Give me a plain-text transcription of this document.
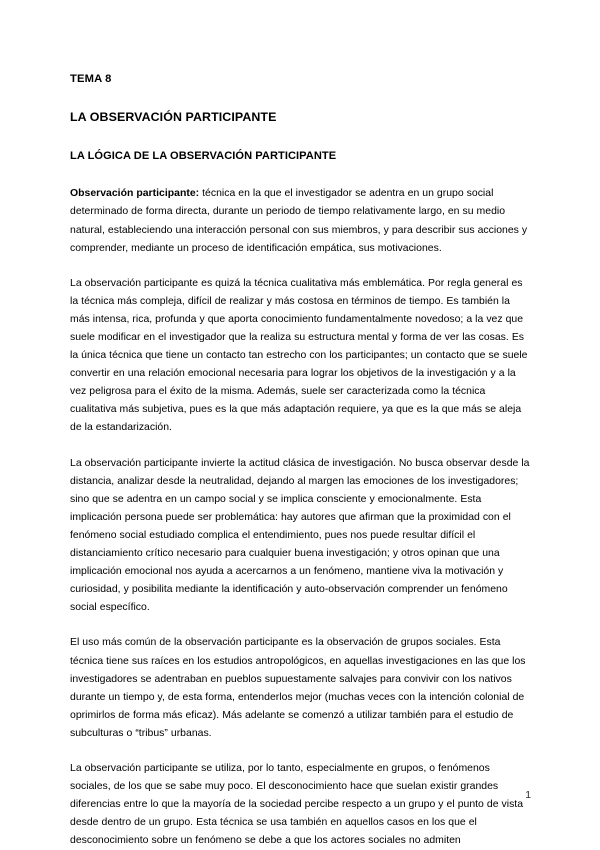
TEMA 8
LA OBSERVACIÓN PARTICIPANTE
LA LÓGICA DE LA OBSERVACIÓN PARTICIPANTE

Observación participante: técnica en la que el investigador se adentra en un grupo social determinado de forma directa, durante un periodo de tiempo relativamente largo, en su medio natural, estableciendo una interacción personal con sus miembros, y para describir sus acciones y comprender, mediante un proceso de identificación empática, sus motivaciones.

La observación participante es quizá la técnica cualitativa más emblemática. Por regla general es la técnica más compleja, difícil de realizar y más costosa en términos de tiempo. Es también la más intensa, rica, profunda y que aporta conocimiento fundamentalmente novedoso; a la vez que suele modificar en el investigador que la realiza su estructura mental y forma de ver las cosas. Es la única técnica que tiene un contacto tan estrecho con los participantes; un contacto que se suele convertir en una relación emocional necesaria para lograr los objetivos de la investigación y a la vez peligrosa para el éxito de la misma. Además, suele ser caracterizada como la técnica cualitativa más subjetiva, pues es la que más adaptación requiere, ya que es la que más se aleja de la estandarización.

La observación participante invierte la actitud clásica de investigación. No busca observar desde la distancia, analizar desde la neutralidad, dejando al margen las emociones de los investigadores; sino que se adentra en un campo social y se implica consciente y emocionalmente. Esta implicación persona puede ser problemática: hay autores que afirman que la proximidad con el fenómeno social estudiado complica el entendimiento, pues nos puede resultar difícil el distanciamiento crítico necesario para cualquier buena investigación; y otros opinan que una implicación emocional nos ayuda a acercarnos a un fenómeno, mantiene viva la motivación y curiosidad, y posibilita mediante la identificación y auto-observación comprender un fenómeno social específico.

El uso más común de la observación participante es la observación de grupos sociales. Esta técnica tiene sus raíces en los estudios antropológicos, en aquellas investigaciones en las que los investigadores se adentraban en pueblos supuestamente salvajes para convivir con los nativos durante un tiempo y, de esta forma, entenderlos mejor (muchas veces con la intención colonial de oprimirlos de forma más eficaz). Más adelante se comenzó a utilizar también para el estudio de subculturas o “tribus” urbanas.

La observación participante se utiliza, por lo tanto, especialmente en grupos, o fenómenos sociales, de los que se sabe muy poco. El desconocimiento hace que suelan existir grandes diferencias entre lo que la mayoría de la sociedad percibe respecto a un grupo y el punto de vista desde dentro de un grupo. Esta técnica se usa también en aquellos casos en los que el desconocimiento sobre un fenómeno se debe a que los actores sociales no admiten

1
